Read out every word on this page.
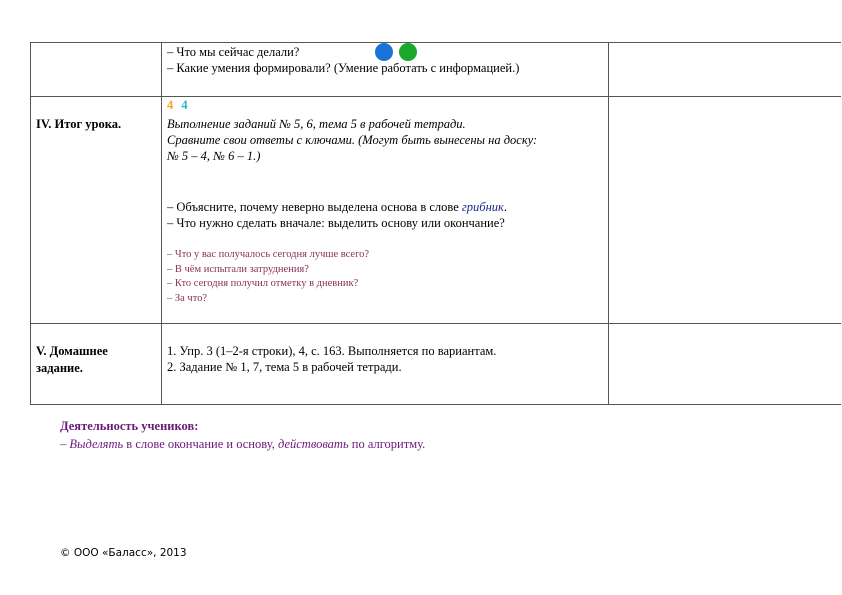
– Что мы сейчас делали?
– Какие умения формировали? (Умение работать с информацией.)
IV. Итог урока.
4 4
Выполнение заданий № 5, 6, тема 5 в рабочей тетради.
Сравните свои ответы с ключами. (Могут быть вынесены на доску:
№ 5 – 4, № 6 – 1.)
– Объясните, почему неверно выделена основа в слове грибник.
– Что нужно сделать вначале: выделить основу или окончание?
– Что у вас получалось сегодня лучше всего?
– В чём испытали затруднения?
– Кто сегодня получил отметку в дневник?
– За что?
V. Домашнее
задание.
1. Упр. 3 (1–2-я строки), 4, с. 163. Выполняется по вариантам.
2. Задание № 1, 7, тема 5 в рабочей тетради.
Деятельность учеников:
– Выделять в слове окончание и основу, действовать по алгоритму.
© ООО «Баласс», 2013
